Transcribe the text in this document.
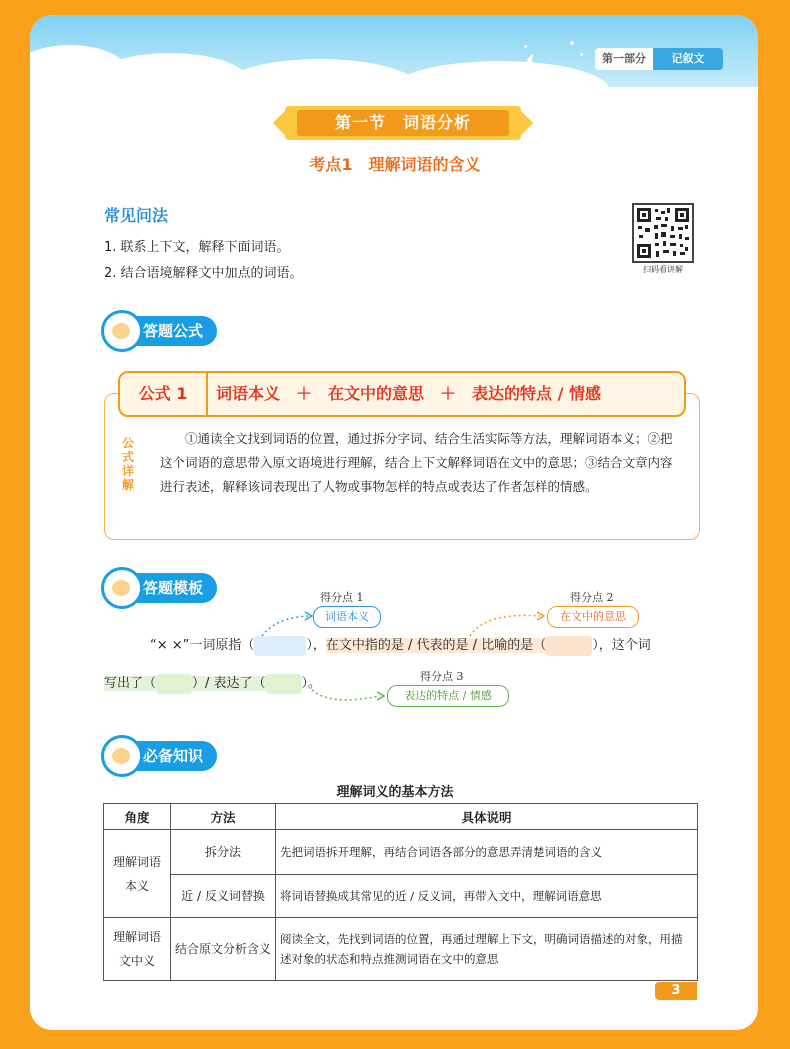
第一部分	记叙文
第一节　词语分析
考点1　理解词语的含义
常见问法
1. 联系上下文，解释下面词语。
2. 结合语境解释文中加点的词语。	扫码看讲解
答题公式
公式 1	词语本义　＋　在文中的意思　＋　表达的特点 / 情感
公式详解
①通读全文找到词语的位置，通过拆分字词、结合生活实际等方法，理解词语本义；②把这个词语的意思带入原文语境进行理解，结合上下文解释词语在文中的意思；③结合文章内容进行表述，解释该词表现出了人物或事物怎样的特点或表达了作者怎样的情感。
答题模板
得分点 1
词语本义
得分点 2
在文中的意思
得分点 3
表达的特点 / 情感
“× ×”一词原指（	），在文中指的是 / 代表的是 / 比喻的是（	），这个词
写出了（	）/ 表达了（	）。
必备知识
理解词义的基本方法
角度	方法	具体说明
理解词语本义	拆分法	先把词语拆开理解，再结合词语各部分的意思弄清楚词语的含义
	近 / 反义词替换	将词语替换成其常见的近 / 反义词，再带入文中，理解词语意思
理解词语文中义	结合原文分析含义	阅读全文，先找到词语的位置，再通过理解上下文，明确词语描述的对象，用描述对象的状态和特点推测词语在文中的意思
3
